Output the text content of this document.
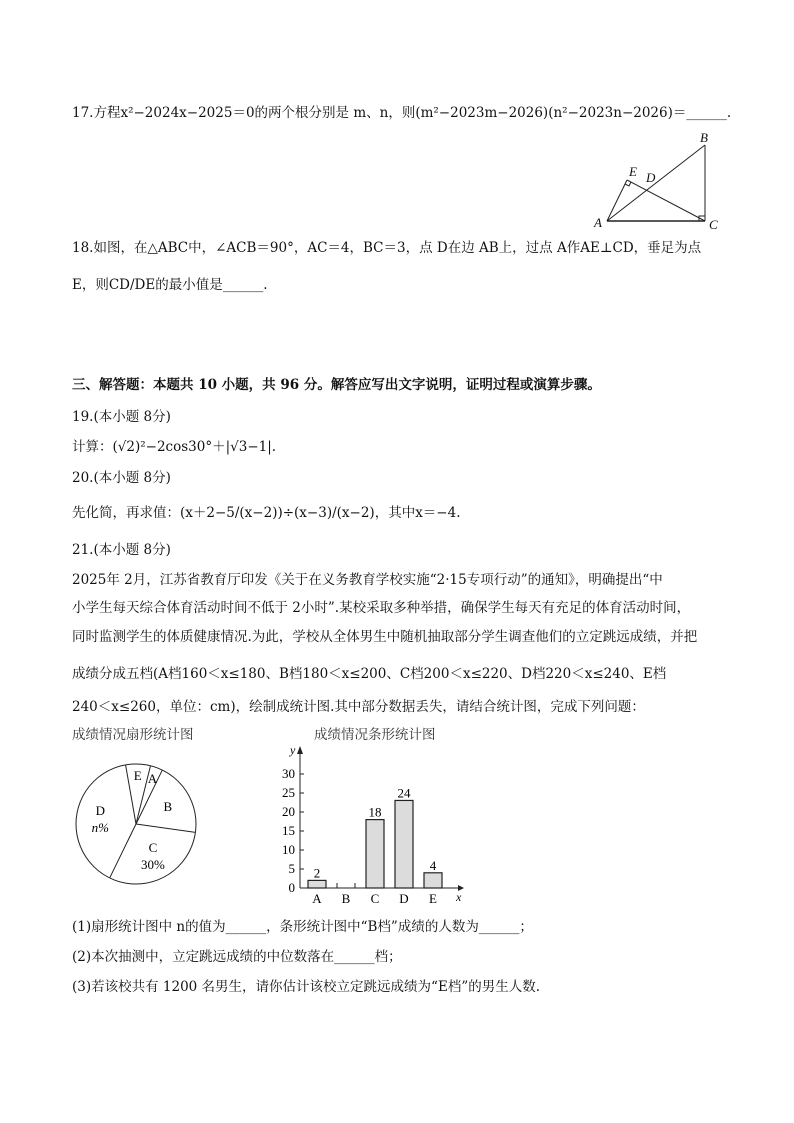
17.方程x²−2024x−2025＝0的两个根分别是 m、n，则(m²−2023m−2026)(n²−2023n−2026)＝______.
A
B
C
D
E
18.如图，在△ABC中，∠ACB＝90°，AC＝4，BC＝3，点 D在边 AB上，过点 A作AE⊥CD，垂足为点
E，则CD/DE的最小值是______.
三、解答题：本题共 10 小题，共 96 分。解答应写出文字说明，证明过程或演算步骤。
19.(本小题 8分)
计算：(√2)²−2cos30°＋|√3−1|.
20.(本小题 8分)
先化简，再求值：(x＋2−5/(x−2))÷(x−3)/(x−2)，其中x＝−4.
21.(本小题 8分)
2025年 2月，江苏省教育厅印发《关于在义务教育学校实施“2·15专项行动”的通知》，明确提出“中
小学生每天综合体育活动时间不低于 2小时”.某校采取多种举措，确保学生每天有充足的体育活动时间，
同时监测学生的体质健康情况.为此，学校从全体男生中随机抽取部分学生调查他们的立定跳远成绩，并把
成绩分成五档(A档160＜x≤180、B档180＜x≤200、C档200＜x≤220、D档220＜x≤240、E档
240＜x≤260，单位：cm)，绘制成统计图.其中部分数据丢失，请结合统计图，完成下列问题：
成绩情况扇形统计图	成绩情况条形统计图
E A
B
C
30%
D
n%
y
x
0
5
10
15
20
25
30
A
2
B C
18
D
24
E
4
(1)扇形统计图中 n的值为______，条形统计图中“B档”成绩的人数为______；
(2)本次抽测中，立定跳远成绩的中位数落在______档；
(3)若该校共有 1200 名男生，请你估计该校立定跳远成绩为“E档”的男生人数.
